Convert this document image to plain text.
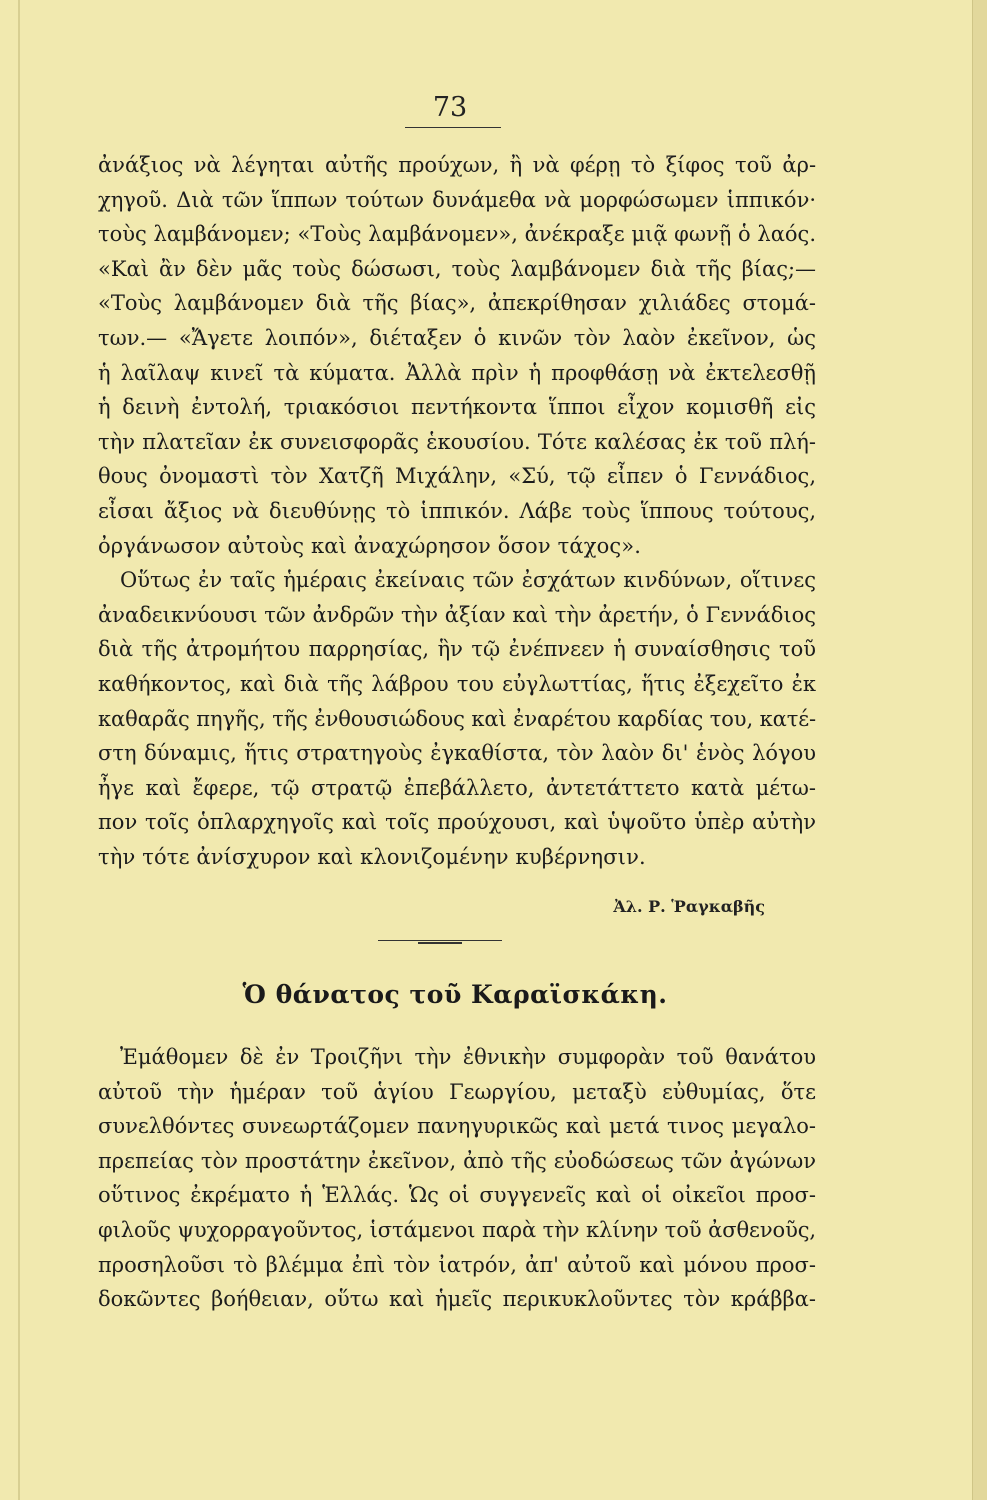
73
ἀνάξιος νὰ λέγηται αὐτῆς προύχων, ἢ νὰ φέρῃ τὸ ξίφος τοῦ ἀρ-
χηγοῦ. Διὰ τῶν ἵππων τούτων δυνάμεθα νὰ μορφώσωμεν ἱππικόν·
τοὺς λαμβάνομεν; «Τοὺς λαμβάνομεν», ἀνέκραξε μιᾷ φωνῇ ὁ λαός.
«Καὶ ἂν δὲν μᾶς τοὺς δώσωσι, τοὺς λαμβάνομεν διὰ τῆς βίας;—
«Τοὺς λαμβάνομεν διὰ τῆς βίας», ἀπεκρίθησαν χιλιάδες στομά-
των.— «Ἄγετε λοιπόν», διέταξεν ὁ κινῶν τὸν λαὸν ἐκεῖνον, ὡς
ἡ λαῖλαψ κινεῖ τὰ κύματα. Ἀλλὰ πρὶν ἡ προφθάσῃ νὰ ἐκτελεσθῇ
ἡ δεινὴ ἐντολή, τριακόσιοι πεντήκοντα ἵπποι εἶχον κομισθῆ εἰς
τὴν πλατεῖαν ἐκ συνεισφορᾶς ἑκουσίου. Τότε καλέσας ἐκ τοῦ πλή-
θους ὀνομαστὶ τὸν Χατζῆ Μιχάλην, «Σύ, τῷ εἶπεν ὁ Γεννάδιος,
εἶσαι ἄξιος νὰ διευθύνῃς τὸ ἱππικόν. Λάβε τοὺς ἵππους τούτους,
ὀργάνωσον αὐτοὺς καὶ ἀναχώρησον ὅσον τάχος».
Οὕτως ἐν ταῖς ἡμέραις ἐκείναις τῶν ἐσχάτων κινδύνων, οἵτινες
ἀναδεικνύουσι τῶν ἀνδρῶν τὴν ἀξίαν καὶ τὴν ἀρετήν, ὁ Γεννάδιος
διὰ τῆς ἀτρομήτου παρρησίας, ἣν τῷ ἐνέπνεεν ἡ συναίσθησις τοῦ
καθήκοντος, καὶ διὰ τῆς λάβρου του εὐγλωττίας, ἥτις ἐξεχεῖτο ἐκ
καθαρᾶς πηγῆς, τῆς ἐνθουσιώδους καὶ ἐναρέτου καρδίας του, κατέ-
στη δύναμις, ἥτις στρατηγοὺς ἐγκαθίστα, τὸν λαὸν δι' ἑνὸς λόγου
ἦγε καὶ ἔφερε, τῷ στρατῷ ἐπεβάλλετο, ἀντετάττετο κατὰ μέτω-
πον τοῖς ὁπλαρχηγοῖς καὶ τοῖς προύχουσι, καὶ ὑψοῦτο ὑπὲρ αὐτὴν
τὴν τότε ἀνίσχυρον καὶ κλονιζομένην κυβέρνησιν.
Ἀλ. Ρ. Ῥαγκαβῆς
Ὁ θάνατος τοῦ Καραϊσκάκη.
Ἐμάθομεν δὲ ἐν Τροιζῆνι τὴν ἐθνικὴν συμφορὰν τοῦ θανάτου
αὐτοῦ τὴν ἡμέραν τοῦ ἁγίου Γεωργίου, μεταξὺ εὐθυμίας, ὅτε
συνελθόντες συνεωρτάζομεν πανηγυρικῶς καὶ μετά τινος μεγαλο-
πρεπείας τὸν προστάτην ἐκεῖνον, ἀπὸ τῆς εὐοδώσεως τῶν ἀγώνων
οὕτινος ἐκρέματο ἡ Ἑλλάς. Ὡς οἱ συγγενεῖς καὶ οἱ οἰκεῖοι προσ-
φιλοῦς ψυχορραγοῦντος, ἱστάμενοι παρὰ τὴν κλίνην τοῦ ἀσθενοῦς,
προσηλοῦσι τὸ βλέμμα ἐπὶ τὸν ἰατρόν, ἀπ' αὐτοῦ καὶ μόνου προσ-
δοκῶντες βοήθειαν, οὕτω καὶ ἡμεῖς περικυκλοῦντες τὸν κράββα-
